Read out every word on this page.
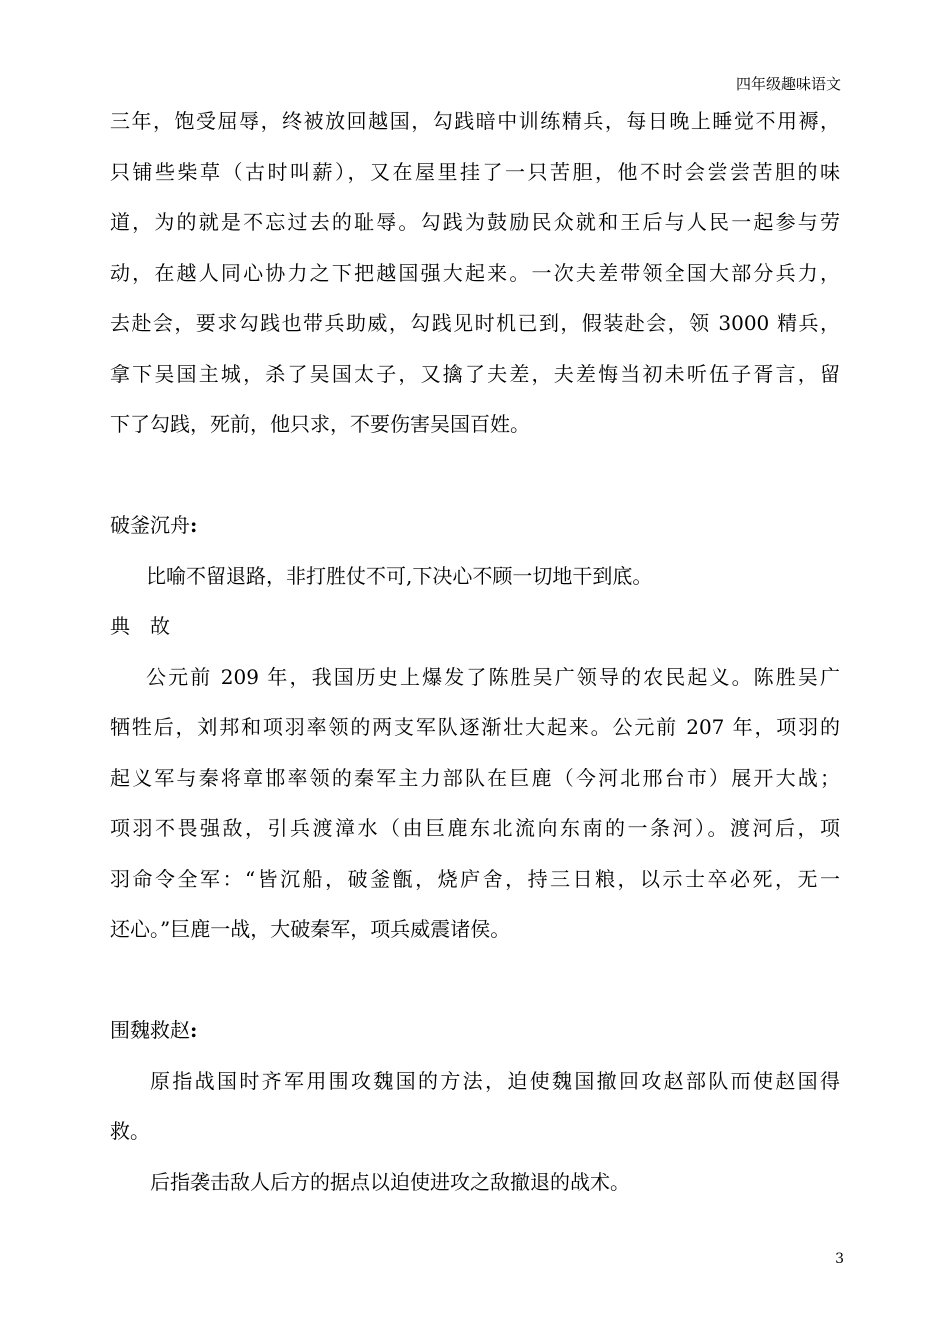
四年级趣味语文
三年，饱受屈辱，终被放回越国，勾践暗中训练精兵，每日晚上睡觉不用褥，
只铺些柴草（古时叫薪），又在屋里挂了一只苦胆，他不时会尝尝苦胆的味
道，为的就是不忘过去的耻辱。勾践为鼓励民众就和王后与人民一起参与劳
动，在越人同心协力之下把越国强大起来。一次夫差带领全国大部分兵力，
去赴会，要求勾践也带兵助威，勾践见时机已到，假装赴会，领 3000 精兵，
拿下吴国主城，杀了吴国太子，又擒了夫差，夫差悔当初未听伍子胥言，留
下了勾践，死前，他只求，不要伤害吴国百姓。
破釜沉舟:
比喻不留退路，非打胜仗不可,下决心不顾一切地干到底。
典　故
公元前 209 年，我国历史上爆发了陈胜吴广领导的农民起义。陈胜吴广
牺牲后，刘邦和项羽率领的两支军队逐渐壮大起来。公元前 207 年，项羽的
起义军与秦将章邯率领的秦军主力部队在巨鹿（今河北邢台市）展开大战；
项羽不畏强敌，引兵渡漳水（由巨鹿东北流向东南的一条河）。渡河后，项
羽命令全军：“皆沉船，破釜甑，烧庐舍，持三日粮，以示士卒必死，无一
还心。”巨鹿一战，大破秦军，项兵威震诸侯。
围魏救赵:
原指战国时齐军用围攻魏国的方法，迫使魏国撤回攻赵部队而使赵国得
救。
后指袭击敌人后方的据点以迫使进攻之敌撤退的战术。
3
